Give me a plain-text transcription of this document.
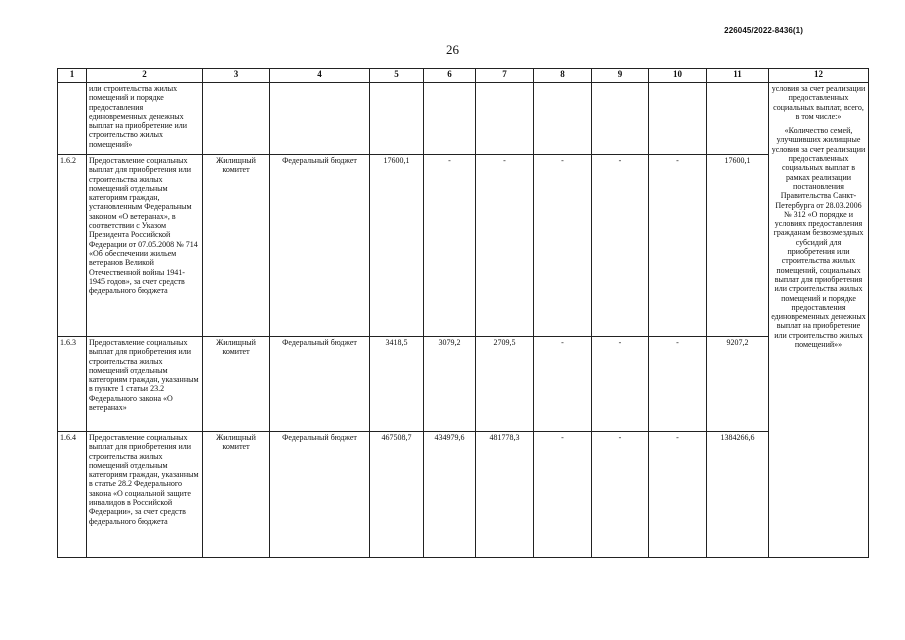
226045/2022-8436(1)
26
1	2	3	4	5	6	7	8	9	10	11	12
	или строительства жилых помещений и порядке предоставления единовременных денежных выплат на приобретение или строительство жилых помещений»										условия за счет реализации предоставленных социальных выплат, всего, в том числе:»
«Количество семей, улучшивших жилищные условия за счет реализации предоставленных социальных выплат в рамках реализации постановления Правительства Санкт-Петербурга от 28.03.2006 № 312 «О порядке и условиях предоставления гражданам безвозмездных субсидий для приобретения или строительства жилых помещений, социальных выплат для приобретения или строительства жилых помещений и порядке предоставления единовременных денежных выплат на приобретение или строительство жилых помещений»»

1.6.2	Предоставление социальных выплат для приобретения или строительства жилых помещений отдельным категориям граждан, установленным Федеральным законом «О ветеранах», в соответствии с Указом Президента Российской Федерации от 07.05.2008 № 714 «Об обеспечении жильем ветеранов Великой Отечественной войны 1941-1945 годов», за счет средств федерального бюджета	Жилищный комитет	Федеральный бюджет	17600,1	-	-	-	-	-	17600,1	
1.6.3	Предоставление социальных выплат для приобретения или строительства жилых помещений отдельным категориям граждан, указанным в пункте 1 статьи 23.2 Федерального закона «О ветеранах»	Жилищный комитет	Федеральный бюджет	3418,5	3079,2	2709,5	-	-	-	9207,2	
1.6.4	Предоставление социальных выплат для приобретения или строительства жилых помещений отдельным категориям граждан, указанным в статье 28.2 Федерального закона «О социальной защите инвалидов в Российской Федерации», за счет средств федерального бюджета	Жилищный комитет	Федеральный бюджет	467508,7	434979,6	481778,3	-	-	-	1384266,6	
